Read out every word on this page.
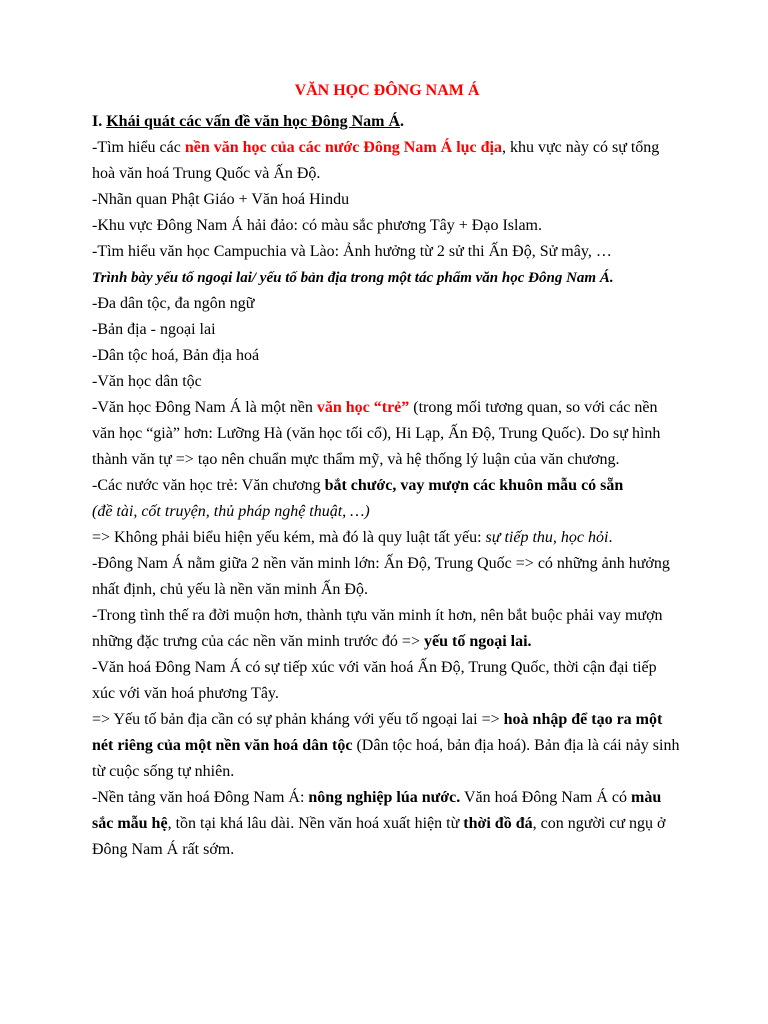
VĂN HỌC ĐÔNG NAM Á

I. Khái quát các vấn đề văn học Đông Nam Á.

-Tìm hiểu các nền văn học của các nước Đông Nam Á lục địa, khu vực này có sự tổng hoà văn hoá Trung Quốc và Ấn Độ.

-Nhãn quan Phật Giáo + Văn hoá Hindu

-Khu vực Đông Nam Á hải đảo: có màu sắc phương Tây + Đạo Islam.

-Tìm hiểu văn học Campuchia và Lào: Ảnh hưởng từ 2 sử thi Ấn Độ, Sử mây, …

Trình bày yếu tố ngoại lai/ yếu tố bản địa trong một tác phẩm văn học Đông Nam Á.

-Đa dân tộc, đa ngôn ngữ

-Bản địa - ngoại lai

-Dân tộc hoá, Bản địa hoá

-Văn học dân tộc

-Văn học Đông Nam Á là một nền văn học “trẻ” (trong mối tương quan, so với các nền văn học “già” hơn: Lưỡng Hà (văn học tối cổ), Hi Lạp, Ấn Độ, Trung Quốc). Do sự hình thành văn tự => tạo nên chuẩn mực thẩm mỹ, và hệ thống lý luận của văn chương.

-Các nước văn học trẻ: Văn chương bắt chước, vay mượn các khuôn mẫu có sẵn
(đề tài, cốt truyện, thủ pháp nghệ thuật, …)

=> Không phải biểu hiện yếu kém, mà đó là quy luật tất yếu: sự tiếp thu, học hỏi.

-Đông Nam Á nằm giữa 2 nền văn minh lớn: Ấn Độ, Trung Quốc => có những ảnh hưởng nhất định, chủ yếu là nền văn minh Ấn Độ.

-Trong tình thế ra đời muộn hơn, thành tựu văn minh ít hơn, nên bắt buộc phải vay mượn những đặc trưng của các nền văn minh trước đó => yếu tố ngoại lai.

-Văn hoá Đông Nam Á có sự tiếp xúc với văn hoá Ấn Độ, Trung Quốc, thời cận đại tiếp xúc với văn hoá phương Tây.

=> Yếu tố bản địa cần có sự phản kháng với yếu tố ngoại lai => hoà nhập để tạo ra một nét riêng của một nền văn hoá dân tộc (Dân tộc hoá, bản địa hoá). Bản địa là cái nảy sinh từ cuộc sống tự nhiên.

-Nền tảng văn hoá Đông Nam Á: nông nghiệp lúa nước. Văn hoá Đông Nam Á có màu sắc mẫu hệ, tồn tại khá lâu dài. Nền văn hoá xuất hiện từ thời đồ đá, con người cư ngụ ở Đông Nam Á rất sớm.
